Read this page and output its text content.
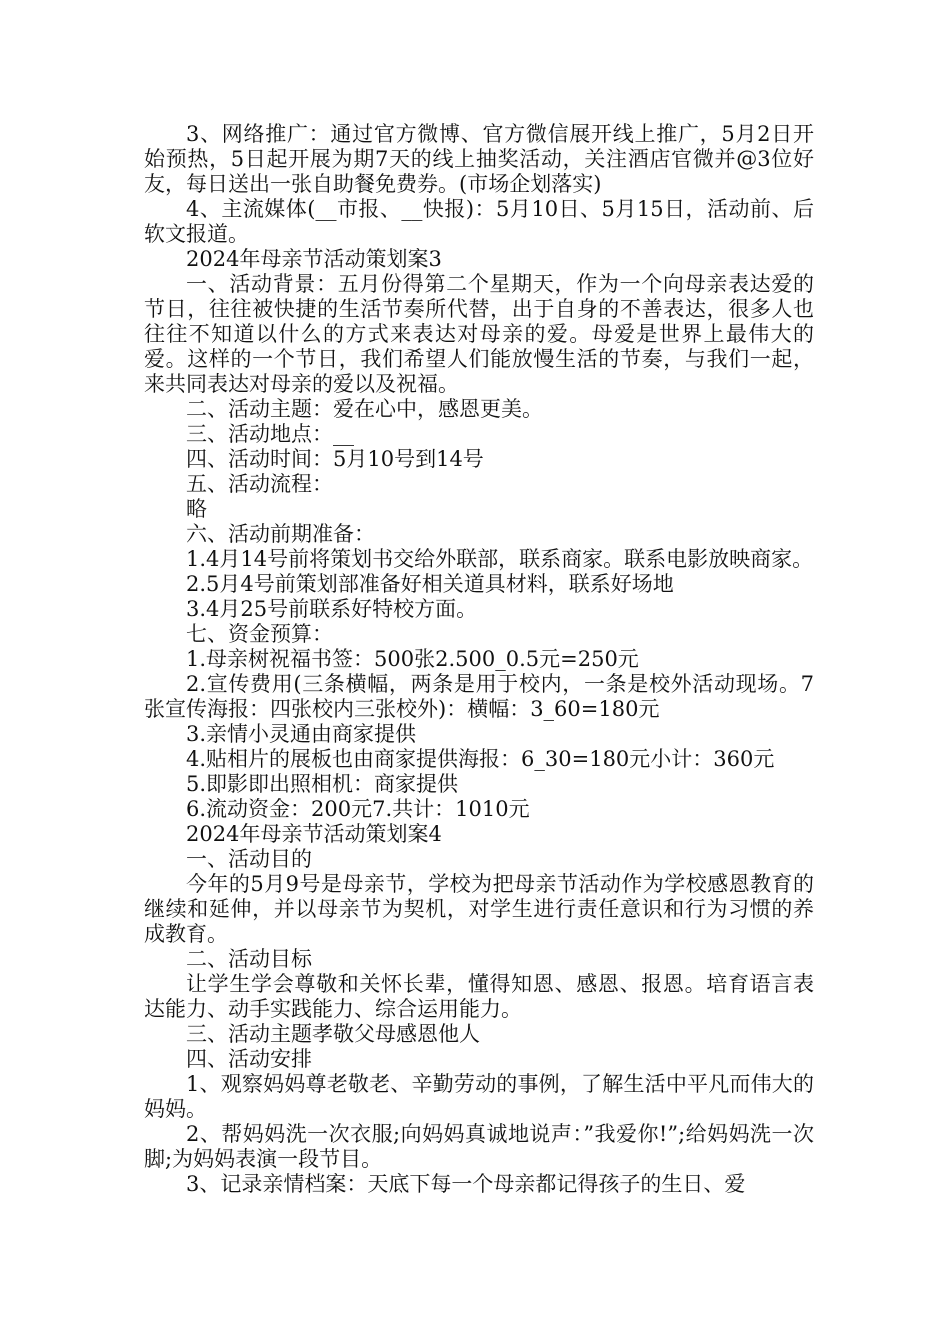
3、网络推广：通过官方微博、官方微信展开线上推广，5月2日开始预热，5日起开展为期7天的线上抽奖活动，关注酒店官微并@3位好友，每日送出一张自助餐免费券。(市场企划落实)

4、主流媒体(__市报、__快报)：5月10日、5月15日，活动前、后软文报道。

2024年母亲节活动策划案3

一、活动背景：五月份得第二个星期天，作为一个向母亲表达爱的节日，往往被快捷的生活节奏所代替，出于自身的不善表达，很多人也往往不知道以什么的方式来表达对母亲的爱。母爱是世界上最伟大的爱。这样的一个节日，我们希望人们能放慢生活的节奏，与我们一起，来共同表达对母亲的爱以及祝福。

二、活动主题：爱在心中，感恩更美。

三、活动地点：__

四、活动时间：5月10号到14号

五、活动流程：

略

六、活动前期准备：

1.4月14号前将策划书交给外联部，联系商家。联系电影放映商家。

2.5月4号前策划部准备好相关道具材料，联系好场地

3.4月25号前联系好特校方面。

七、资金预算：

1.母亲树祝福书签：500张2.500_0.5元=250元

2.宣传费用(三条横幅，两条是用于校内，一条是校外活动现场。7张宣传海报：四张校内三张校外)：横幅：3_60=180元

3.亲情小灵通由商家提供

4.贴相片的展板也由商家提供海报：6_30=180元小计：360元

5.即影即出照相机：商家提供

6.流动资金：200元7.共计：1010元

2024年母亲节活动策划案4

一、活动目的

今年的5月9号是母亲节，学校为把母亲节活动作为学校感恩教育的继续和延伸，并以母亲节为契机，对学生进行责任意识和行为习惯的养成教育。

二、活动目标

让学生学会尊敬和关怀长辈，懂得知恩、感恩、报恩。培育语言表达能力、动手实践能力、综合运用能力。

三、活动主题孝敬父母感恩他人

四、活动安排

1、观察妈妈尊老敬老、辛勤劳动的事例，了解生活中平凡而伟大的妈妈。

2、帮妈妈洗一次衣服;向妈妈真诚地说声：”我爱你!”;给妈妈洗一次脚;为妈妈表演一段节目。

3、记录亲情档案：天底下每一个母亲都记得孩子的生日、爱
